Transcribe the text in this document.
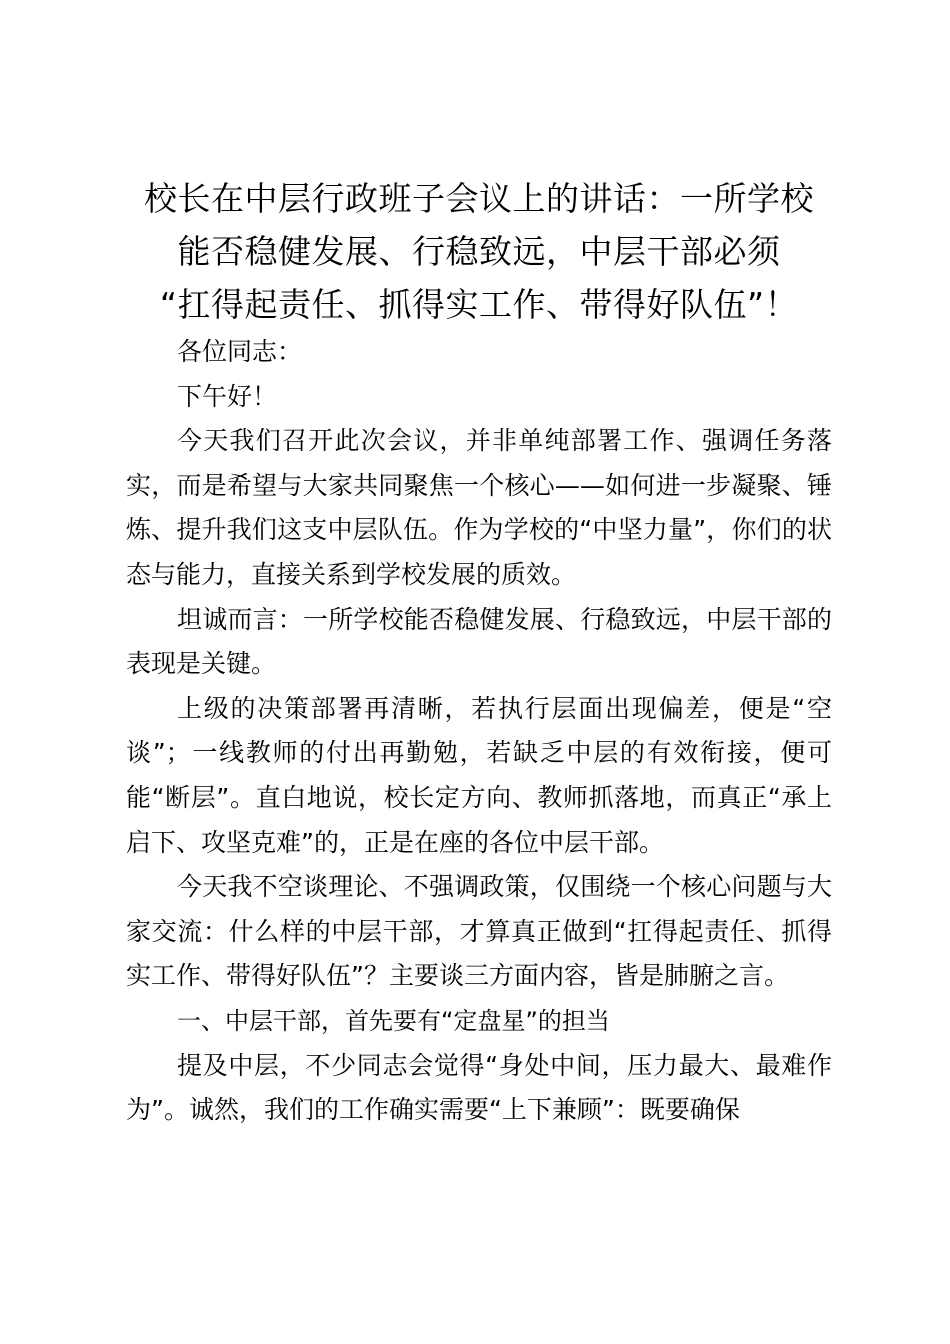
校长在中层行政班子会议上的讲话：一所学校
能否稳健发展、行稳致远，中层干部必须
“扛得起责任、抓得实工作、带得好队伍”！

各位同志：

下午好！

今天我们召开此次会议，并非单纯部署工作、强调任务落实，而是希望与大家共同聚焦一个核心——如何进一步凝聚、锤炼、提升我们这支中层队伍。作为学校的“中坚力量”，你们的状态与能力，直接关系到学校发展的质效。

坦诚而言：一所学校能否稳健发展、行稳致远，中层干部的表现是关键。

上级的决策部署再清晰，若执行层面出现偏差，便是“空谈”；一线教师的付出再勤勉，若缺乏中层的有效衔接，便可能“断层”。直白地说，校长定方向、教师抓落地，而真正“承上启下、攻坚克难”的，正是在座的各位中层干部。

今天我不空谈理论、不强调政策，仅围绕一个核心问题与大家交流：什么样的中层干部，才算真正做到“扛得起责任、抓得实工作、带得好队伍”？主要谈三方面内容，皆是肺腑之言。

一、中层干部，首先要有“定盘星”的担当

提及中层，不少同志会觉得“身处中间，压力最大、最难作为”。诚然，我们的工作确实需要“上下兼顾”：既要确保
